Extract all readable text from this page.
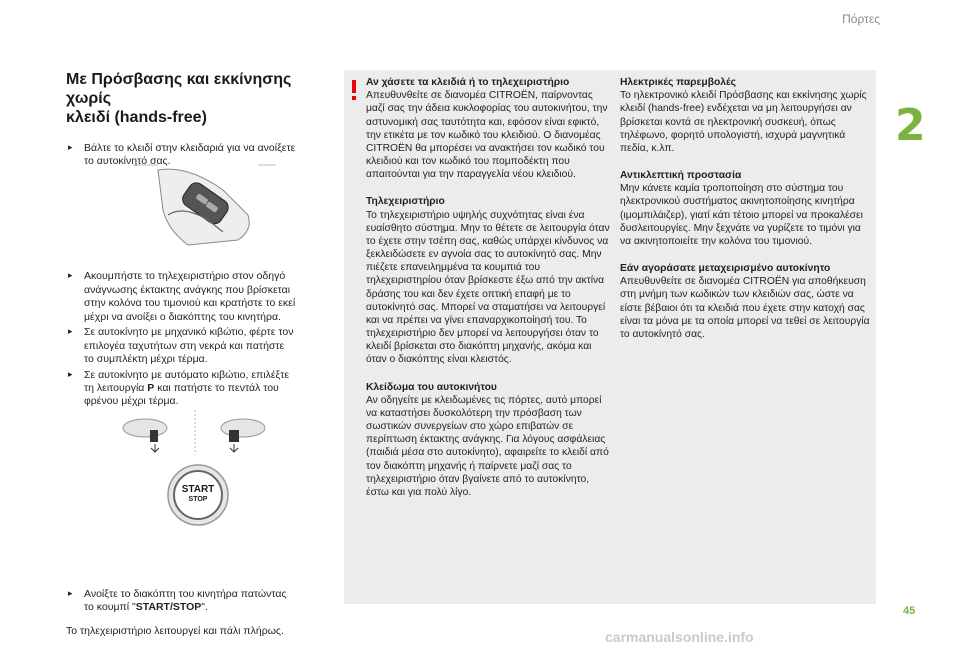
Πόρτες
2
45
carmanualsonline.info
Με Πρόσβασης και εκκίνησης χωρίς
κλειδί (hands-free)
▸ Βάλτε το κλειδί στην κλειδαριά για να ανοίξετε το αυτοκίνητό σας.
▸ Ακουμπήστε το τηλεχειριστήριο στον οδηγό ανάγνωσης έκτακτης ανάγκης που βρίσκεται στην κολόνα του τιμονιού και κρατήστε το εκεί μέχρι να ανοίξει ο διακόπτης του κινητήρα.
▸ Σε αυτοκίνητο με μηχανικό κιβώτιο, φέρτε τον επιλογέα ταχυτήτων στη νεκρά και πατήστε το συμπλέκτη μέχρι τέρμα.
▸ Σε αυτοκίνητο με αυτόματο κιβώτιο, επιλέξτε τη λειτουργία P και πατήστε το πεντάλ του φρένου μέχρι τέρμα.
▸ Ανοίξτε το διακόπτη του κινητήρα πατώντας το κουμπί "START/STOP".
Το τηλεχειριστήριο λειτουργεί και πάλι πλήρως.
START
STOP
Αν χάσετε τα κλειδιά ή το τηλεχειριστήριο
Απευθυνθείτε σε διανομέα CITROËN, παίρνοντας μαζί σας την άδεια κυκλοφορίας του αυτοκινήτου, την αστυνομική σας ταυτότητα και, εφόσον είναι εφικτό, την ετικέτα με τον κωδικό του κλειδιού. Ο διανομέας CITROËN θα μπορέσει να ανακτήσει τον κωδικό του κλειδιού και τον κωδικό του πομποδέκτη που απαιτούνται για την παραγγελία νέου κλειδιού.
Τηλεχειριστήριο
Το τηλεχειριστήριο υψηλής συχνότητας είναι ένα ευαίσθητο σύστημα. Μην το θέτετε σε λειτουργία όταν το έχετε στην τσέπη σας, καθώς υπάρχει κίνδυνος να ξεκλειδώσετε εν αγνοία σας το αυτοκίνητό σας. Μην πιέζετε επανειλημμένα τα κουμπιά του τηλεχειριστηρίου όταν βρίσκεστε έξω από την ακτίνα δράσης του και δεν έχετε οπτική επαφή με το αυτοκίνητό σας. Μπορεί να σταματήσει να λειτουργεί και να πρέπει να γίνει επαναρχικοποίησή του. Το τηλεχειριστήριο δεν μπορεί να λειτουργήσει όταν το κλειδί βρίσκεται στο διακόπτη μηχανής, ακόμα και όταν ο διακόπτης είναι κλειστός.
Κλείδωμα του αυτοκινήτου
Αν οδηγείτε με κλειδωμένες τις πόρτες, αυτό μπορεί να καταστήσει δυσκολότερη την πρόσβαση των σωστικών συνεργείων στο χώρο επιβατών σε περίπτωση έκτακτης ανάγκης. Για λόγους ασφάλειας (παιδιά μέσα στο αυτοκίνητο), αφαιρείτε το κλειδί από τον διακόπτη μηχανής ή παίρνετε μαζί σας το τηλεχειριστήριο όταν βγαίνετε από το αυτοκίνητο, έστω και για πολύ λίγο.
Ηλεκτρικές παρεμβολές
Το ηλεκτρονικό κλειδί Πρόσβασης και εκκίνησης χωρίς κλειδί (hands-free) ενδέχεται να μη λειτουργήσει αν βρίσκεται κοντά σε ηλεκτρονική συσκευή, όπως τηλέφωνο, φορητό υπολογιστή, ισχυρά μαγνητικά πεδία, κ.λπ.
Αντικλεπτική προστασία
Μην κάνετε καμία τροποποίηση στο σύστημα του ηλεκτρονικού συστήματος ακινητοποίησης κινητήρα (ιμομπιλάιζερ), γιατί κάτι τέτοιο μπορεί να προκαλέσει δυσλειτουργίες. Μην ξεχνάτε να γυρίζετε το τιμόνι για να ακινητοποιείτε την κολόνα του τιμονιού.
Εάν αγοράσατε μεταχειρισμένο αυτοκίνητο
Απευθυνθείτε σε διανομέα CITROËN για αποθήκευση στη μνήμη των κωδικών των κλειδιών σας, ώστε να είστε βέβαιοι ότι τα κλειδιά που έχετε στην κατοχή σας είναι τα μόνα με τα οποία μπορεί να τεθεί σε λειτουργία το αυτοκίνητό σας.
